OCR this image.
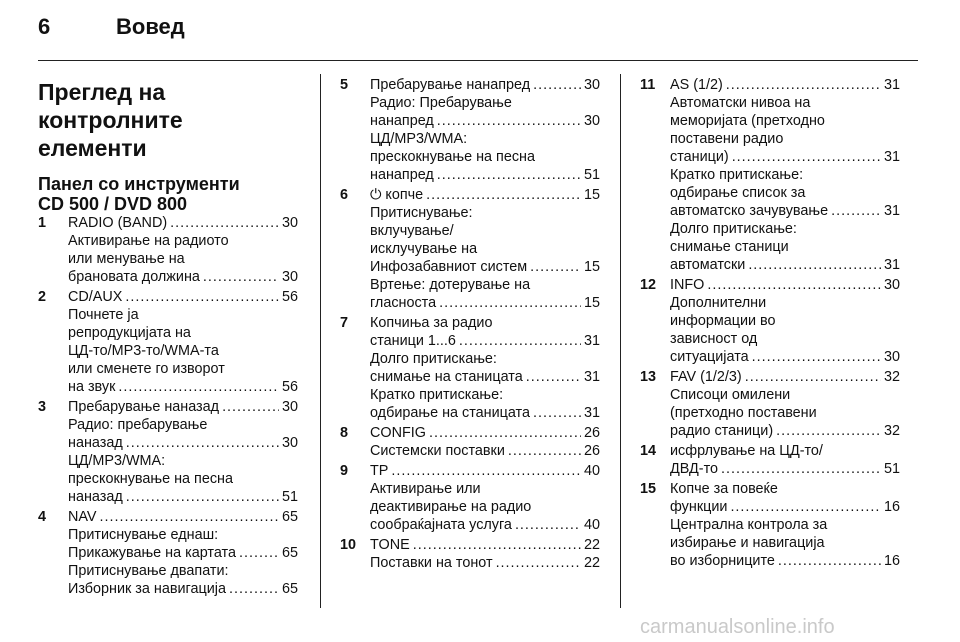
6	Вовед
Преглед на контролните
елементи
Панел со инструменти
CD 500 / DVD 800
1	RADIO (BAND) .....	30
Активирање на радиото
или менување на
брановата должина .....	30
2	CD/AUX .....	56
Почнете ја
репродукцијата на
ЦД-то/МР3-то/WMA-та
или сменете го изворот
на звук .....	56
3	Пребарување наназад .....	30
Радио: пребарување
наназад .....	30
ЦД/MP3/WMA:
прескокнување на песна
наназад .....	51
4	NAV .....	65
Притиснување еднаш:
Прикажување на картата .....	65
Притиснување двапати:
Изборник за навигација .....	65
5	Пребарување нанапред .....	30
Радио: Пребарување
нанапред .....	30
ЦД/MP3/WMA:
прескокнување на песна
нанапред .....	51
6	⏻ копче .....	15
Притиснување:
вклучување/
исклучување на
Инфозабавниот систем .....	15
Вртење: дотерување на
гласноста .....	15
7	Копчиња за радио
станици 1...6 .....	31
Долго притискање:
снимање на станицата .....	31
Кратко притискање:
одбирање на станицата .....	31
8	CONFIG .....	26
Системски поставки .....	26
9	TP .....	40
Активирање или
деактивирање на радио
сообраќајната услуга .....	40
10 TONE .....	22
Поставки на тонот .....	22
11	AS (1/2) .....	31
Автоматски нивоа на
меморијата (претходно
поставени радио
станици) .....	31
Кратко притискање:
одбирање список за
автоматско зачувување .....	31
Долго притискање:
снимање станици
автоматски .....	31
12 INFO .....	30
Дополнителни
информации во
зависност од
ситуацијата .....	30
13 FAV (1/2/3) .....	32
Списоци омилени
(претходно поставени
радио станици) .....	32
14 исфрлување на ЦД-то/
ДВД-то .....	51
15 Копче за повеќе
функции .....	16
Централна контрола за
избирање и навигација
во изборниците .....	16
carmanualsonline.info
